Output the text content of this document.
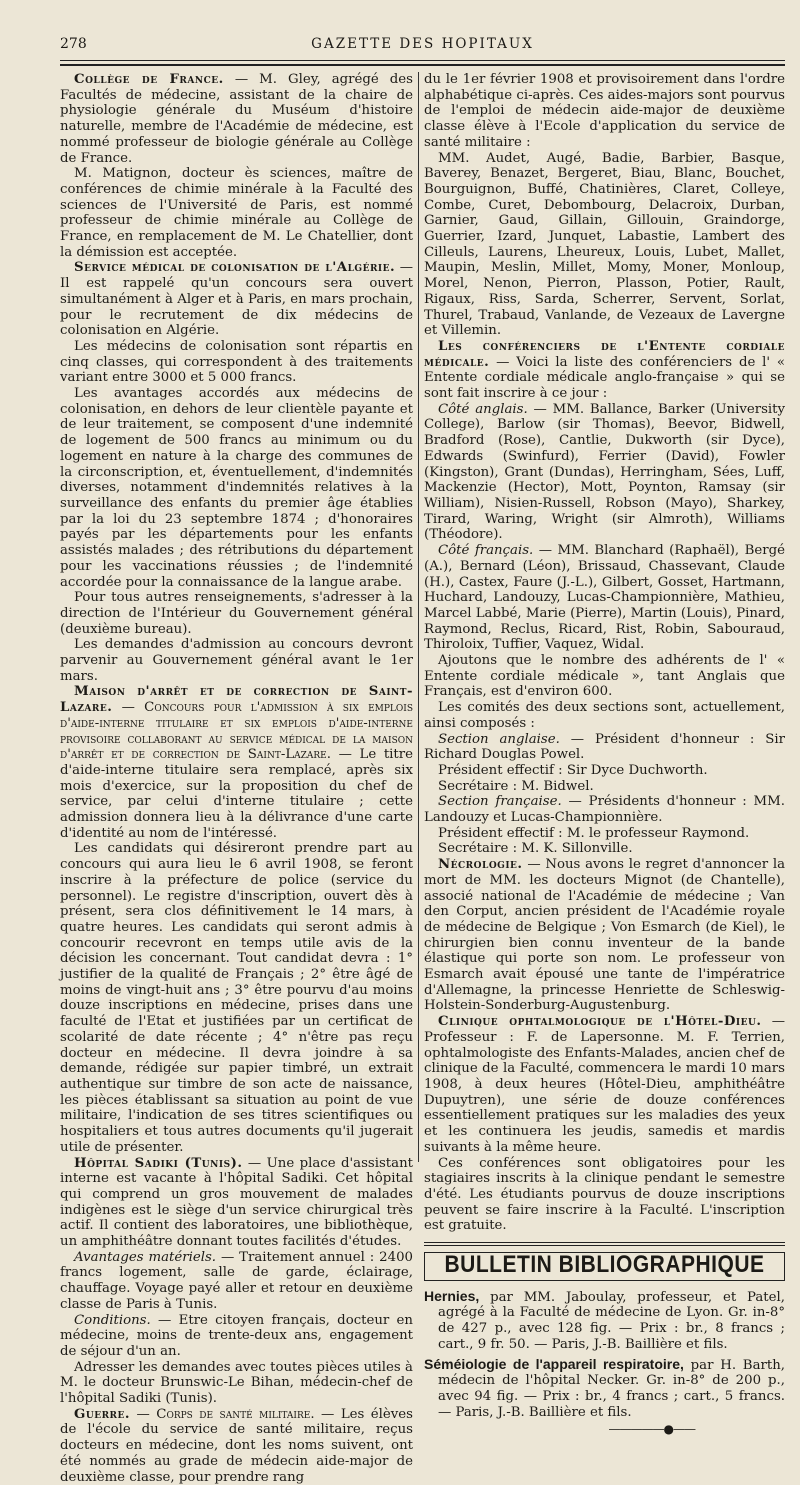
278	GAZETTE DES HOPITAUX

Collège de France. — M. Gley, agrégé des Facultés de médecine, assistant de la chaire de physiologie générale du Muséum d'histoire naturelle, membre de l'Académie de médecine, est nommé professeur de biologie générale au Collège de France.

M. Matignon, docteur ès sciences, maître de conférences de chimie minérale à la Faculté des sciences de l'Université de Paris, est nommé professeur de chimie minérale au Collège de France, en remplacement de M. Le Chatellier, dont la démission est acceptée.

Service médical de colonisation de l'Algérie. — Il est rappelé qu'un concours sera ouvert simultanément à Alger et à Paris, en mars prochain, pour le recrutement de dix médecins de colonisation en Algérie.

Les médecins de colonisation sont répartis en cinq classes, qui correspondent à des traitements variant entre 3000 et 5 000 francs.

Les avantages accordés aux médecins de colonisation, en dehors de leur clientèle payante et de leur traitement, se composent d'une indemnité de logement de 500 francs au minimum ou du logement en nature à la charge des communes de la circonscription, et, éventuellement, d'indemnités diverses, notamment d'indemnités relatives à la surveillance des enfants du premier âge établies par la loi du 23 septembre 1874 ; d'honoraires payés par les départements pour les enfants assistés malades ; des rétributions du département pour les vaccinations réussies ; de l'indemnité accordée pour la connaissance de la langue arabe.

Pour tous autres renseignements, s'adresser à la direction de l'Intérieur du Gouvernement général (deuxième bureau).

Les demandes d'admission au concours devront parvenir au Gouvernement général avant le 1er mars.

Maison d'arrêt et de correction de Saint-Lazare. — Concours pour l'admission à six emplois d'aide-interne titulaire et six emplois d'aide-interne provisoire collaborant au service médical de la maison d'arrêt et de correction de Saint-Lazare. — Le titre d'aide-interne titulaire sera remplacé, après six mois d'exercice, sur la proposition du chef de service, par celui d'interne titulaire ; cette admission donnera lieu à la délivrance d'une carte d'identité au nom de l'intéressé.

Les candidats qui désireront prendre part au concours qui aura lieu le 6 avril 1908, se feront inscrire à la préfecture de police (service du personnel). Le registre d'inscription, ouvert dès à présent, sera clos définitivement le 14 mars, à quatre heures. Les candidats qui seront admis à concourir recevront en temps utile avis de la décision les concernant. Tout candidat devra : 1° justifier de la qualité de Français ; 2° être âgé de moins de vingt-huit ans ; 3° être pourvu d'au moins douze inscriptions en médecine, prises dans une faculté de l'Etat et justifiées par un certificat de scolarité de date récente ; 4° n'être pas reçu docteur en médecine. Il devra joindre à sa demande, rédigée sur papier timbré, un extrait authentique sur timbre de son acte de naissance, les pièces établissant sa situation au point de vue militaire, l'indication de ses titres scientifiques ou hospitaliers et tous autres documents qu'il jugerait utile de présenter.

Hôpital Sadiki (Tunis). — Une place d'assistant interne est vacante à l'hôpital Sadiki. Cet hôpital qui comprend un gros mouvement de malades indigènes est le siège d'un service chirurgical très actif. Il contient des laboratoires, une bibliothèque, un amphithéâtre donnant toutes facilités d'études.

Avantages matériels. — Traitement annuel : 2400 francs logement, salle de garde, éclairage, chauffage. Voyage payé aller et retour en deuxième classe de Paris à Tunis.

Conditions. — Etre citoyen français, docteur en médecine, moins de trente-deux ans, engagement de séjour d'un an.

Adresser les demandes avec toutes pièces utiles à M. le docteur Brunswic-Le Bihan, médecin-chef de l'hôpital Sadiki (Tunis).

Guerre. — Corps de santé militaire. — Les élèves de l'école du service de santé militaire, reçus docteurs en médecine, dont les noms suivent, ont été nommés au grade de médecin aide-major de deuxième classe, pour prendre rang

du le 1er février 1908 et provisoirement dans l'ordre alphabétique ci-après. Ces aides-majors sont pourvus de l'emploi de médecin aide-major de deuxième classe élève à l'Ecole d'application du service de santé militaire :

MM. Audet, Augé, Badie, Barbier, Basque, Baverey, Benazet, Bergeret, Biau, Blanc, Bouchet, Bourguignon, Buffé, Chatinières, Claret, Colleye, Combe, Curet, Debombourg, Delacroix, Durban, Garnier, Gaud, Gillain, Gillouin, Graindorge, Guerrier, Izard, Junquet, Labastie, Lambert des Cilleuls, Laurens, Lheureux, Louis, Lubet, Mallet, Maupin, Meslin, Millet, Momy, Moner, Monloup, Morel, Nenon, Pierron, Plasson, Potier, Rault, Rigaux, Riss, Sarda, Scherrer, Servent, Sorlat, Thurel, Trabaud, Vanlande, de Vezeaux de Lavergne et Villemin.

Les conférenciers de l'Entente cordiale médicale. — Voici la liste des conférenciers de l' « Entente cordiale médicale anglo-française » qui se sont fait inscrire à ce jour :

Côté anglais. — MM. Ballance, Barker (University College), Barlow (sir Thomas), Beevor, Bidwell, Bradford (Rose), Cantlie, Dukworth (sir Dyce), Edwards (Swinfurd), Ferrier (David), Fowler (Kingston), Grant (Dundas), Herringham, Sées, Luff, Mackenzie (Hector), Mott, Poynton, Ramsay (sir William), Nisien-Russell, Robson (Mayo), Sharkey, Tirard, Waring, Wright (sir Almroth), Williams (Théodore).

Côté français. — MM. Blanchard (Raphaël), Bergé (A.), Bernard (Léon), Brissaud, Chassevant, Claude (H.), Castex, Faure (J.-L.), Gilbert, Gosset, Hartmann, Huchard, Landouzy, Lucas-Championnière, Mathieu, Marcel Labbé, Marie (Pierre), Martin (Louis), Pinard, Raymond, Reclus, Ricard, Rist, Robin, Sabouraud, Thiroloix, Tuffier, Vaquez, Widal.

Ajoutons que le nombre des adhérents de l' « Entente cordiale médicale », tant Anglais que Français, est d'environ 600.

Les comités des deux sections sont, actuellement, ainsi composés :

Section anglaise. — Président d'honneur : Sir Richard Douglas Powel.

Président effectif : Sir Dyce Duchworth.

Secrétaire : M. Bidwel.

Section française. — Présidents d'honneur : MM. Landouzy et Lucas-Championnière.

Président effectif : M. le professeur Raymond.

Secrétaire : M. K. Sillonville.

Nécrologie. — Nous avons le regret d'annoncer la mort de MM. les docteurs Mignot (de Chantelle), associé national de l'Académie de médecine ; Van den Corput, ancien président de l'Académie royale de médecine de Belgique ; Von Esmarch (de Kiel), le chirurgien bien connu inventeur de la bande élastique qui porte son nom. Le professeur von Esmarch avait épousé une tante de l'impératrice d'Allemagne, la princesse Henriette de Schleswig-Holstein-Sonderburg-Augustenburg.

Clinique ophtalmologique de l'Hôtel-Dieu. — Professeur : F. de Lapersonne. M. F. Terrien, ophtalmologiste des Enfants-Malades, ancien chef de clinique de la Faculté, commencera le mardi 10 mars 1908, à deux heures (Hôtel-Dieu, amphithéâtre Dupuytren), une série de douze conférences essentiellement pratiques sur les maladies des yeux et les continuera les jeudis, samedis et mardis suivants à la même heure.

Ces conférences sont obligatoires pour les stagiaires inscrits à la clinique pendant le semestre d'été. Les étudiants pourvus de douze inscriptions peuvent se faire inscrire à la Faculté. L'inscription est gratuite.

BULLETIN BIBLIOGRAPHIQUE

Hernies, par MM. Jaboulay, professeur, et Patel, agrégé à la Faculté de médecine de Lyon. Gr. in-8° de 427 p., avec 128 fig. — Prix : br., 8 francs ; cart., 9 fr. 50. — Paris, J.-B. Baillière et fils.

Séméiologie de l'appareil respiratoire, par H. Barth, médecin de l'hôpital Necker. Gr. in-8° de 200 p., avec 94 fig. — Prix : br., 4 francs ; cart., 5 francs. — Paris, J.-B. Baillière et fils.

—————●——
